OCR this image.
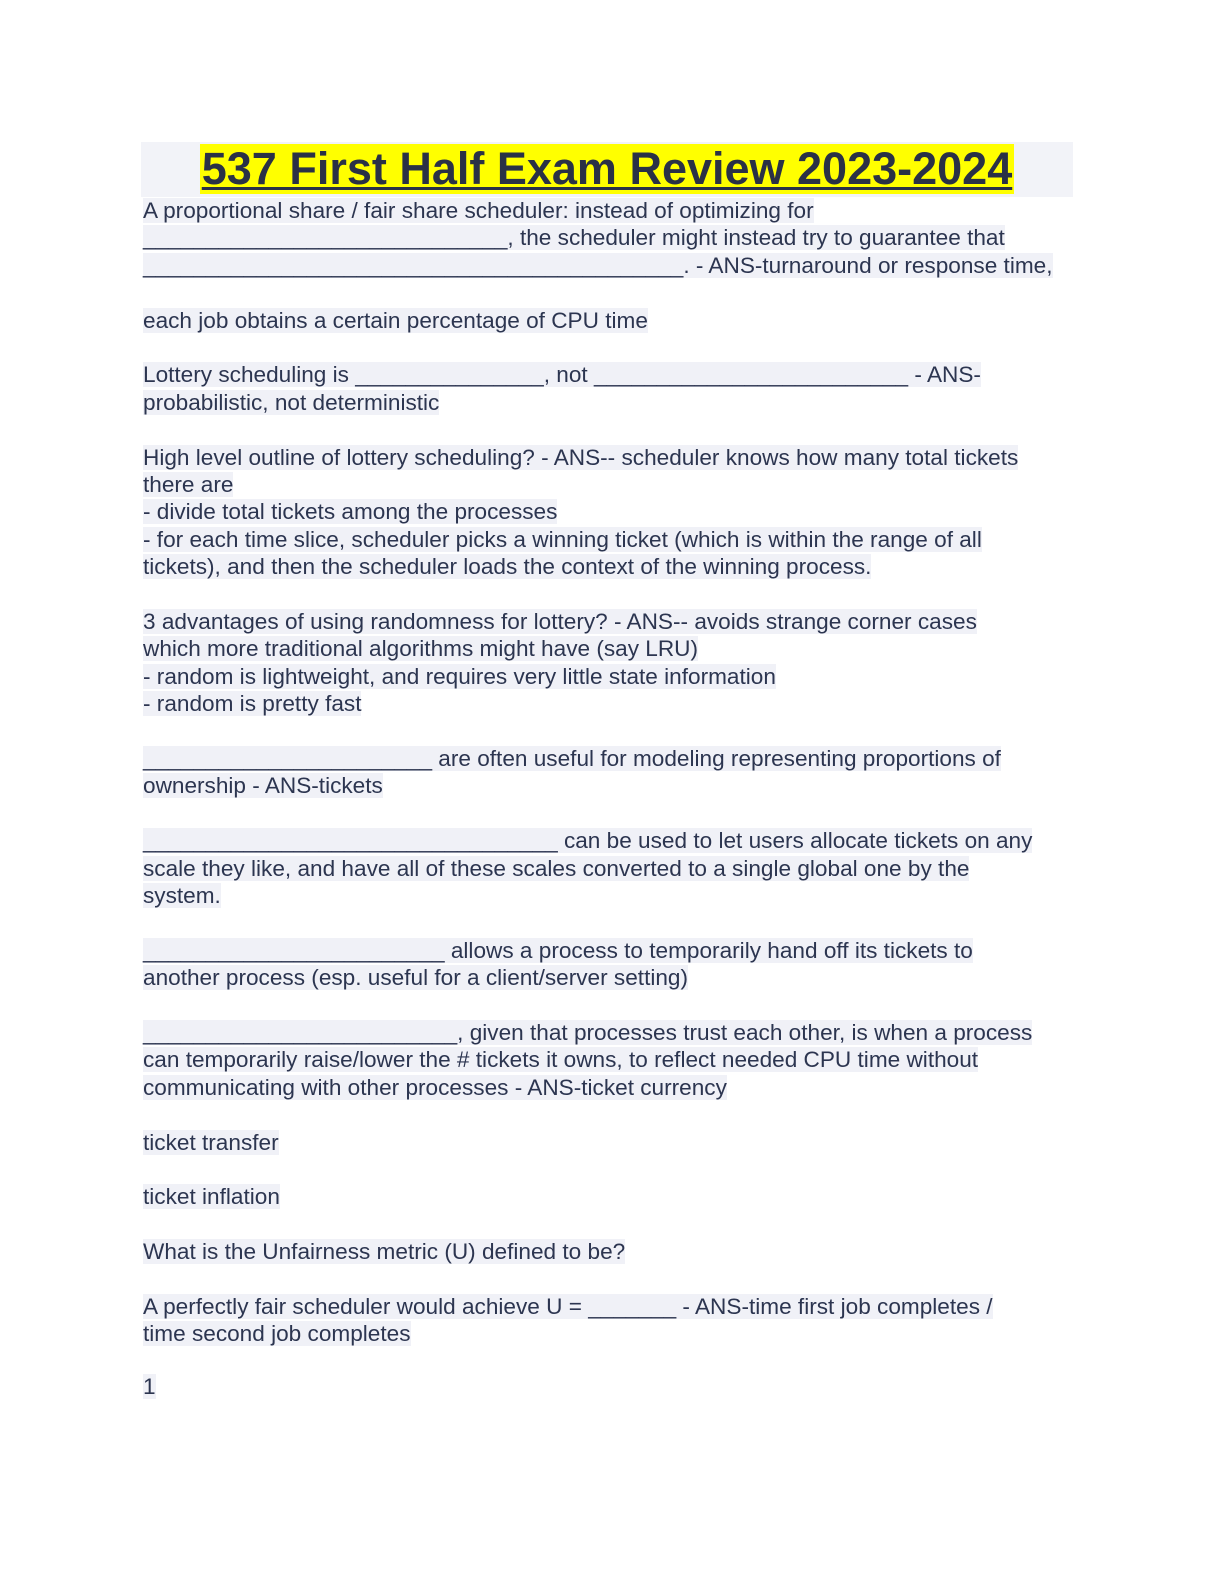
537 First Half Exam Review 2023-2024
A proportional share / fair share scheduler: instead of optimizing for
_____________________________, the scheduler might instead try to guarantee that
___________________________________________. - ANS-turnaround or response time,
each job obtains a certain percentage of CPU time
Lottery scheduling is _______________, not _________________________ - ANS-
probabilistic, not deterministic
High level outline of lottery scheduling? - ANS-- scheduler knows how many total tickets
there are
- divide total tickets among the processes
- for each time slice, scheduler picks a winning ticket (which is within the range of all
tickets), and then the scheduler loads the context of the winning process.
3 advantages of using randomness for lottery? - ANS-- avoids strange corner cases
which more traditional algorithms might have (say LRU)
- random is lightweight, and requires very little state information
- random is pretty fast
_______________________ are often useful for modeling representing proportions of
ownership - ANS-tickets
_________________________________ can be used to let users allocate tickets on any
scale they like, and have all of these scales converted to a single global one by the
system.
________________________ allows a process to temporarily hand off its tickets to
another process (esp. useful for a client/server setting)
_________________________, given that processes trust each other, is when a process
can temporarily raise/lower the # tickets it owns, to reflect needed CPU time without
communicating with other processes - ANS-ticket currency
ticket transfer
ticket inflation
What is the Unfairness metric (U) defined to be?
A perfectly fair scheduler would achieve U = _______ - ANS-time first job completes /
time second job completes
1
